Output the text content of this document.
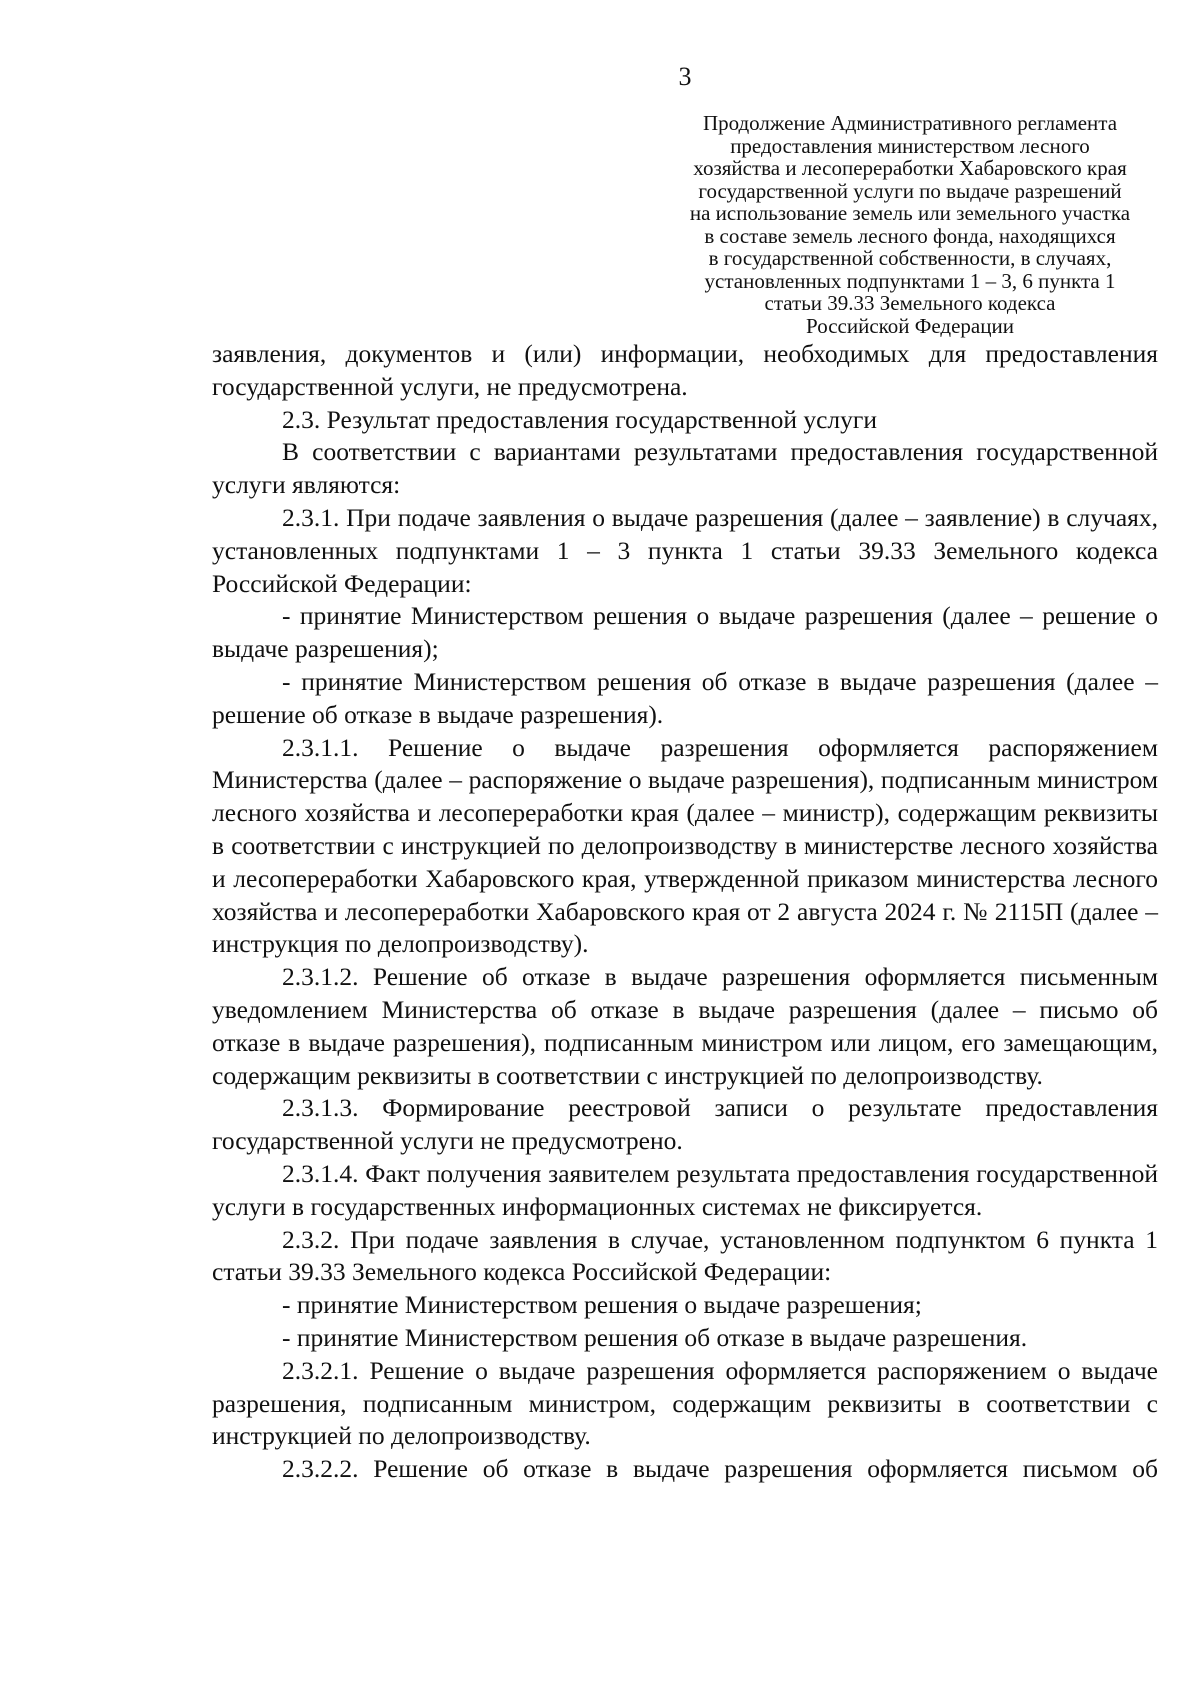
3
Продолжение Административного регламента
предоставления министерством лесного
хозяйства и лесопереработки Хабаровского края
государственной услуги по выдаче разрешений
на использование земель или земельного участка
в составе земель лесного фонда, находящихся
в государственной собственности, в случаях,
установленных подпунктами 1 – 3, 6 пункта 1
статьи 39.33 Земельного кодекса
Российской Федерации

заявления, документов и (или) информации, необходимых для предоставления государственной услуги, не предусмотрена.

2.3. Результат предоставления государственной услуги

В соответствии с вариантами результатами предоставления государственной услуги являются:

2.3.1. При подаче заявления о выдаче разрешения (далее – заявление) в случаях, установленных подпунктами 1 – 3 пункта 1 статьи 39.33 Земельного кодекса Российской Федерации:

- принятие Министерством решения о выдаче разрешения (далее – решение о выдаче разрешения);

- принятие Министерством решения об отказе в выдаче разрешения (далее – решение об отказе в выдаче разрешения).

2.3.1.1. Решение о выдаче разрешения оформляется распоряжением Министерства (далее – распоряжение о выдаче разрешения), подписанным министром лесного хозяйства и лесопереработки края (далее – министр), содержащим реквизиты в соответствии с инструкцией по делопроизводству в министерстве лесного хозяйства и лесопереработки Хабаровского края, утвержденной приказом министерства лесного хозяйства и лесопереработки Хабаровского края от 2 августа 2024 г. № 2115П (далее – инструкция по делопроизводству).

2.3.1.2. Решение об отказе в выдаче разрешения оформляется письменным уведомлением Министерства об отказе в выдаче разрешения (далее – письмо об отказе в выдаче разрешения), подписанным министром или лицом, его замещающим, содержащим реквизиты в соответствии с инструкцией по делопроизводству.

2.3.1.3. Формирование реестровой записи о результате предоставления государственной услуги не предусмотрено.

2.3.1.4. Факт получения заявителем результата предоставления государственной услуги в государственных информационных системах не фиксируется.

2.3.2. При подаче заявления в случае, установленном подпунктом 6 пункта 1 статьи 39.33 Земельного кодекса Российской Федерации:

- принятие Министерством решения о выдаче разрешения;

- принятие Министерством решения об отказе в выдаче разрешения.

2.3.2.1. Решение о выдаче разрешения оформляется распоряжением о выдаче разрешения, подписанным министром, содержащим реквизиты в соответствии с инструкцией по делопроизводству.

2.3.2.2. Решение об отказе в выдаче разрешения оформляется письмом об
